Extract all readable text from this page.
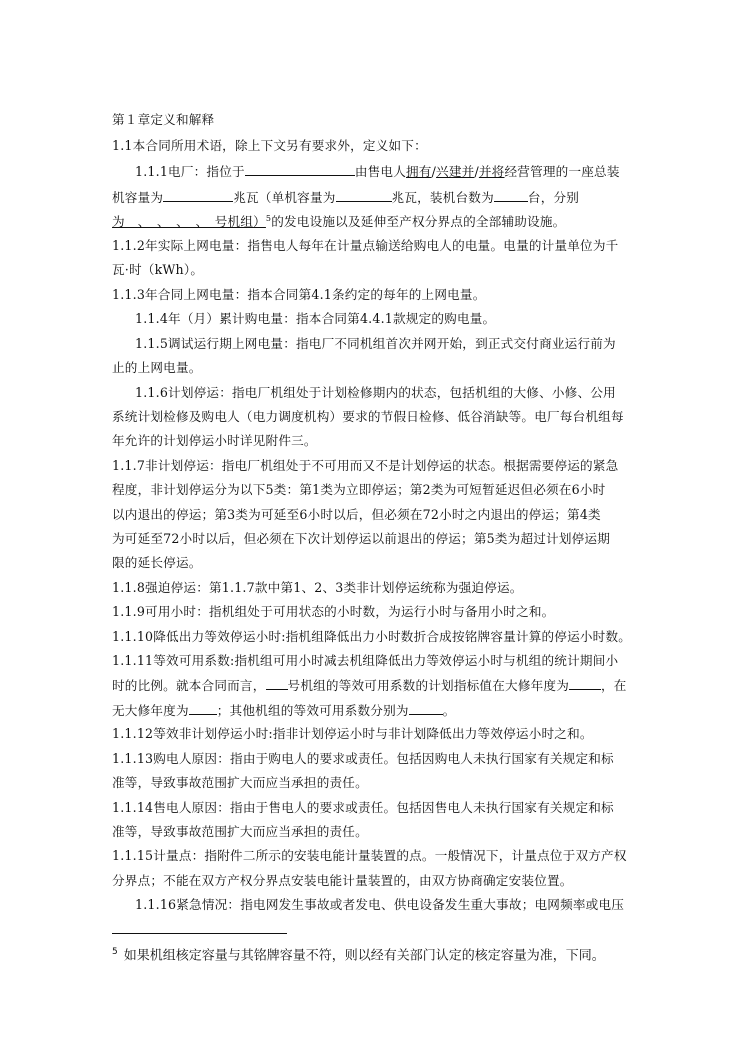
第１章定义和解释
1.1本合同所用术语，除上下文另有要求外，定义如下：
1.1.1电厂：指位于	由售电人拥有/兴建并/并将经营管理的一座总装
机容量为	兆瓦（单机容量为	兆瓦，装机台数为	台，分别
为　、　、　、　、　号机组）$^5$的发电设施以及延伸至产权分界点的全部辅助设施。
1.1.2年实际上网电量：指售电人每年在计量点输送给购电人的电量。电量的计量单位为千
瓦·时（kWh）。
1.1.3年合同上网电量：指本合同第4.1条约定的每年的上网电量。
1.1.4年（月）累计购电量：指本合同第4.4.1款规定的购电量。
1.1.5调试运行期上网电量：指电厂不同机组首次并网开始，到正式交付商业运行前为
止的上网电量。
1.1.6计划停运：指电厂机组处于计划检修期内的状态，包括机组的大修、小修、公用
系统计划检修及购电人（电力调度机构）要求的节假日检修、低谷消缺等。电厂每台机组每
年允许的计划停运小时详见附件三。
1.1.7非计划停运：指电厂机组处于不可用而又不是计划停运的状态。根据需要停运的紧急
程度，非计划停运分为以下5类：第1类为立即停运；第2类为可短暂延迟但必须在6小时
以内退出的停运；第3类为可延至6小时以后，但必须在72小时之内退出的停运；第4类
为可延至72小时以后，但必须在下次计划停运以前退出的停运；第5类为超过计划停运期
限的延长停运。
1.1.8强迫停运：第1.1.7款中第1、2、3类非计划停运统称为强迫停运。
1.1.9可用小时：指机组处于可用状态的小时数，为运行小时与备用小时之和。
1.1.10降低出力等效停运小时:指机组降低出力小时数折合成按铭牌容量计算的停运小时数。
1.1.11等效可用系数:指机组可用小时减去机组降低出力等效停运小时与机组的统计期间小
时的比例。就本合同而言， 号机组的等效可用系数的计划指标值在大修年度为	，在
无大修年度为 ；其他机组的等效可用系数分别为	。
1.1.12等效非计划停运小时:指非计划停运小时与非计划降低出力等效停运小时之和。
1.1.13购电人原因：指由于购电人的要求或责任。包括因购电人未执行国家有关规定和标
准等，导致事故范围扩大而应当承担的责任。
1.1.14售电人原因：指由于售电人的要求或责任。包括因售电人未执行国家有关规定和标
准等，导致事故范围扩大而应当承担的责任。
1.1.15计量点：指附件二所示的安装电能计量装置的点。一般情况下，计量点位于双方产权
分界点；不能在双方产权分界点安装电能计量装置的，由双方协商确定安装位置。
1.1.16紧急情况：指电网发生事故或者发电、供电设备发生重大事故；电网频率或电压
$^5$ 如果机组核定容量与其铭牌容量不符，则以经有关部门认定的核定容量为准，下同。
